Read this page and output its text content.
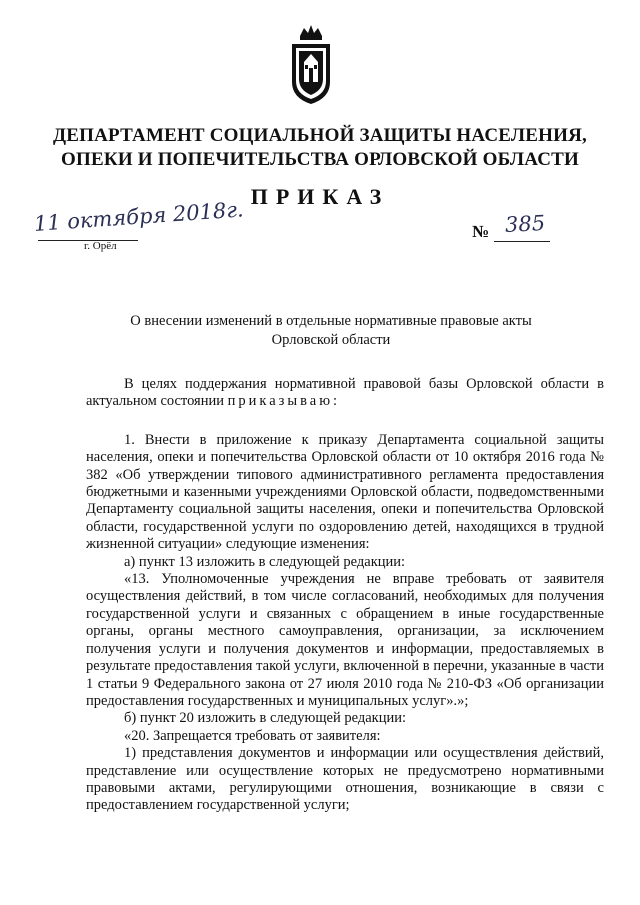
ДЕПАРТАМЕНТ СОЦИАЛЬНОЙ ЗАЩИТЫ НАСЕЛЕНИЯ,
ОПЕКИ И ПОПЕЧИТЕЛЬСТВА ОРЛОВСКОЙ ОБЛАСТИ
ПРИКАЗ
11 октября 2018г.
г. Орёл
№ 385
О внесении изменений в отдельные нормативные правовые акты Орловской области

В целях поддержания нормативной правовой базы Орловской области в актуальном состоянии приказываю:

1. Внести в приложение к приказу Департамента социальной защиты населения, опеки и попечительства Орловской области от 10 октября 2016 года № 382 «Об утверждении типового административного регламента предоставления бюджетными и казенными учреждениями Орловской области, подведомственными Департаменту социальной защиты населения, опеки и попечительства Орловской области, государственной услуги по оздоровлению детей, находящихся в трудной жизненной ситуации» следующие изменения:

а) пункт 13 изложить в следующей редакции:

«13. Уполномоченные учреждения не вправе требовать от заявителя осуществления действий, в том числе согласований, необходимых для получения государственной услуги и связанных с обращением в иные государственные органы, органы местного самоуправления, организации, за исключением получения услуги и получения документов и информации, предоставляемых в результате предоставления такой услуги, включенной в перечни, указанные в части 1 статьи 9 Федерального закона от 27 июля 2010 года № 210-ФЗ «Об организации предоставления государственных и муниципальных услуг».»;

б) пункт 20 изложить в следующей редакции:

«20. Запрещается требовать от заявителя:

1) представления документов и информации или осуществления действий, представление или осуществление которых не предусмотрено нормативными правовыми актами, регулирующими отношения, возникающие в связи с предоставлением государственной услуги;
